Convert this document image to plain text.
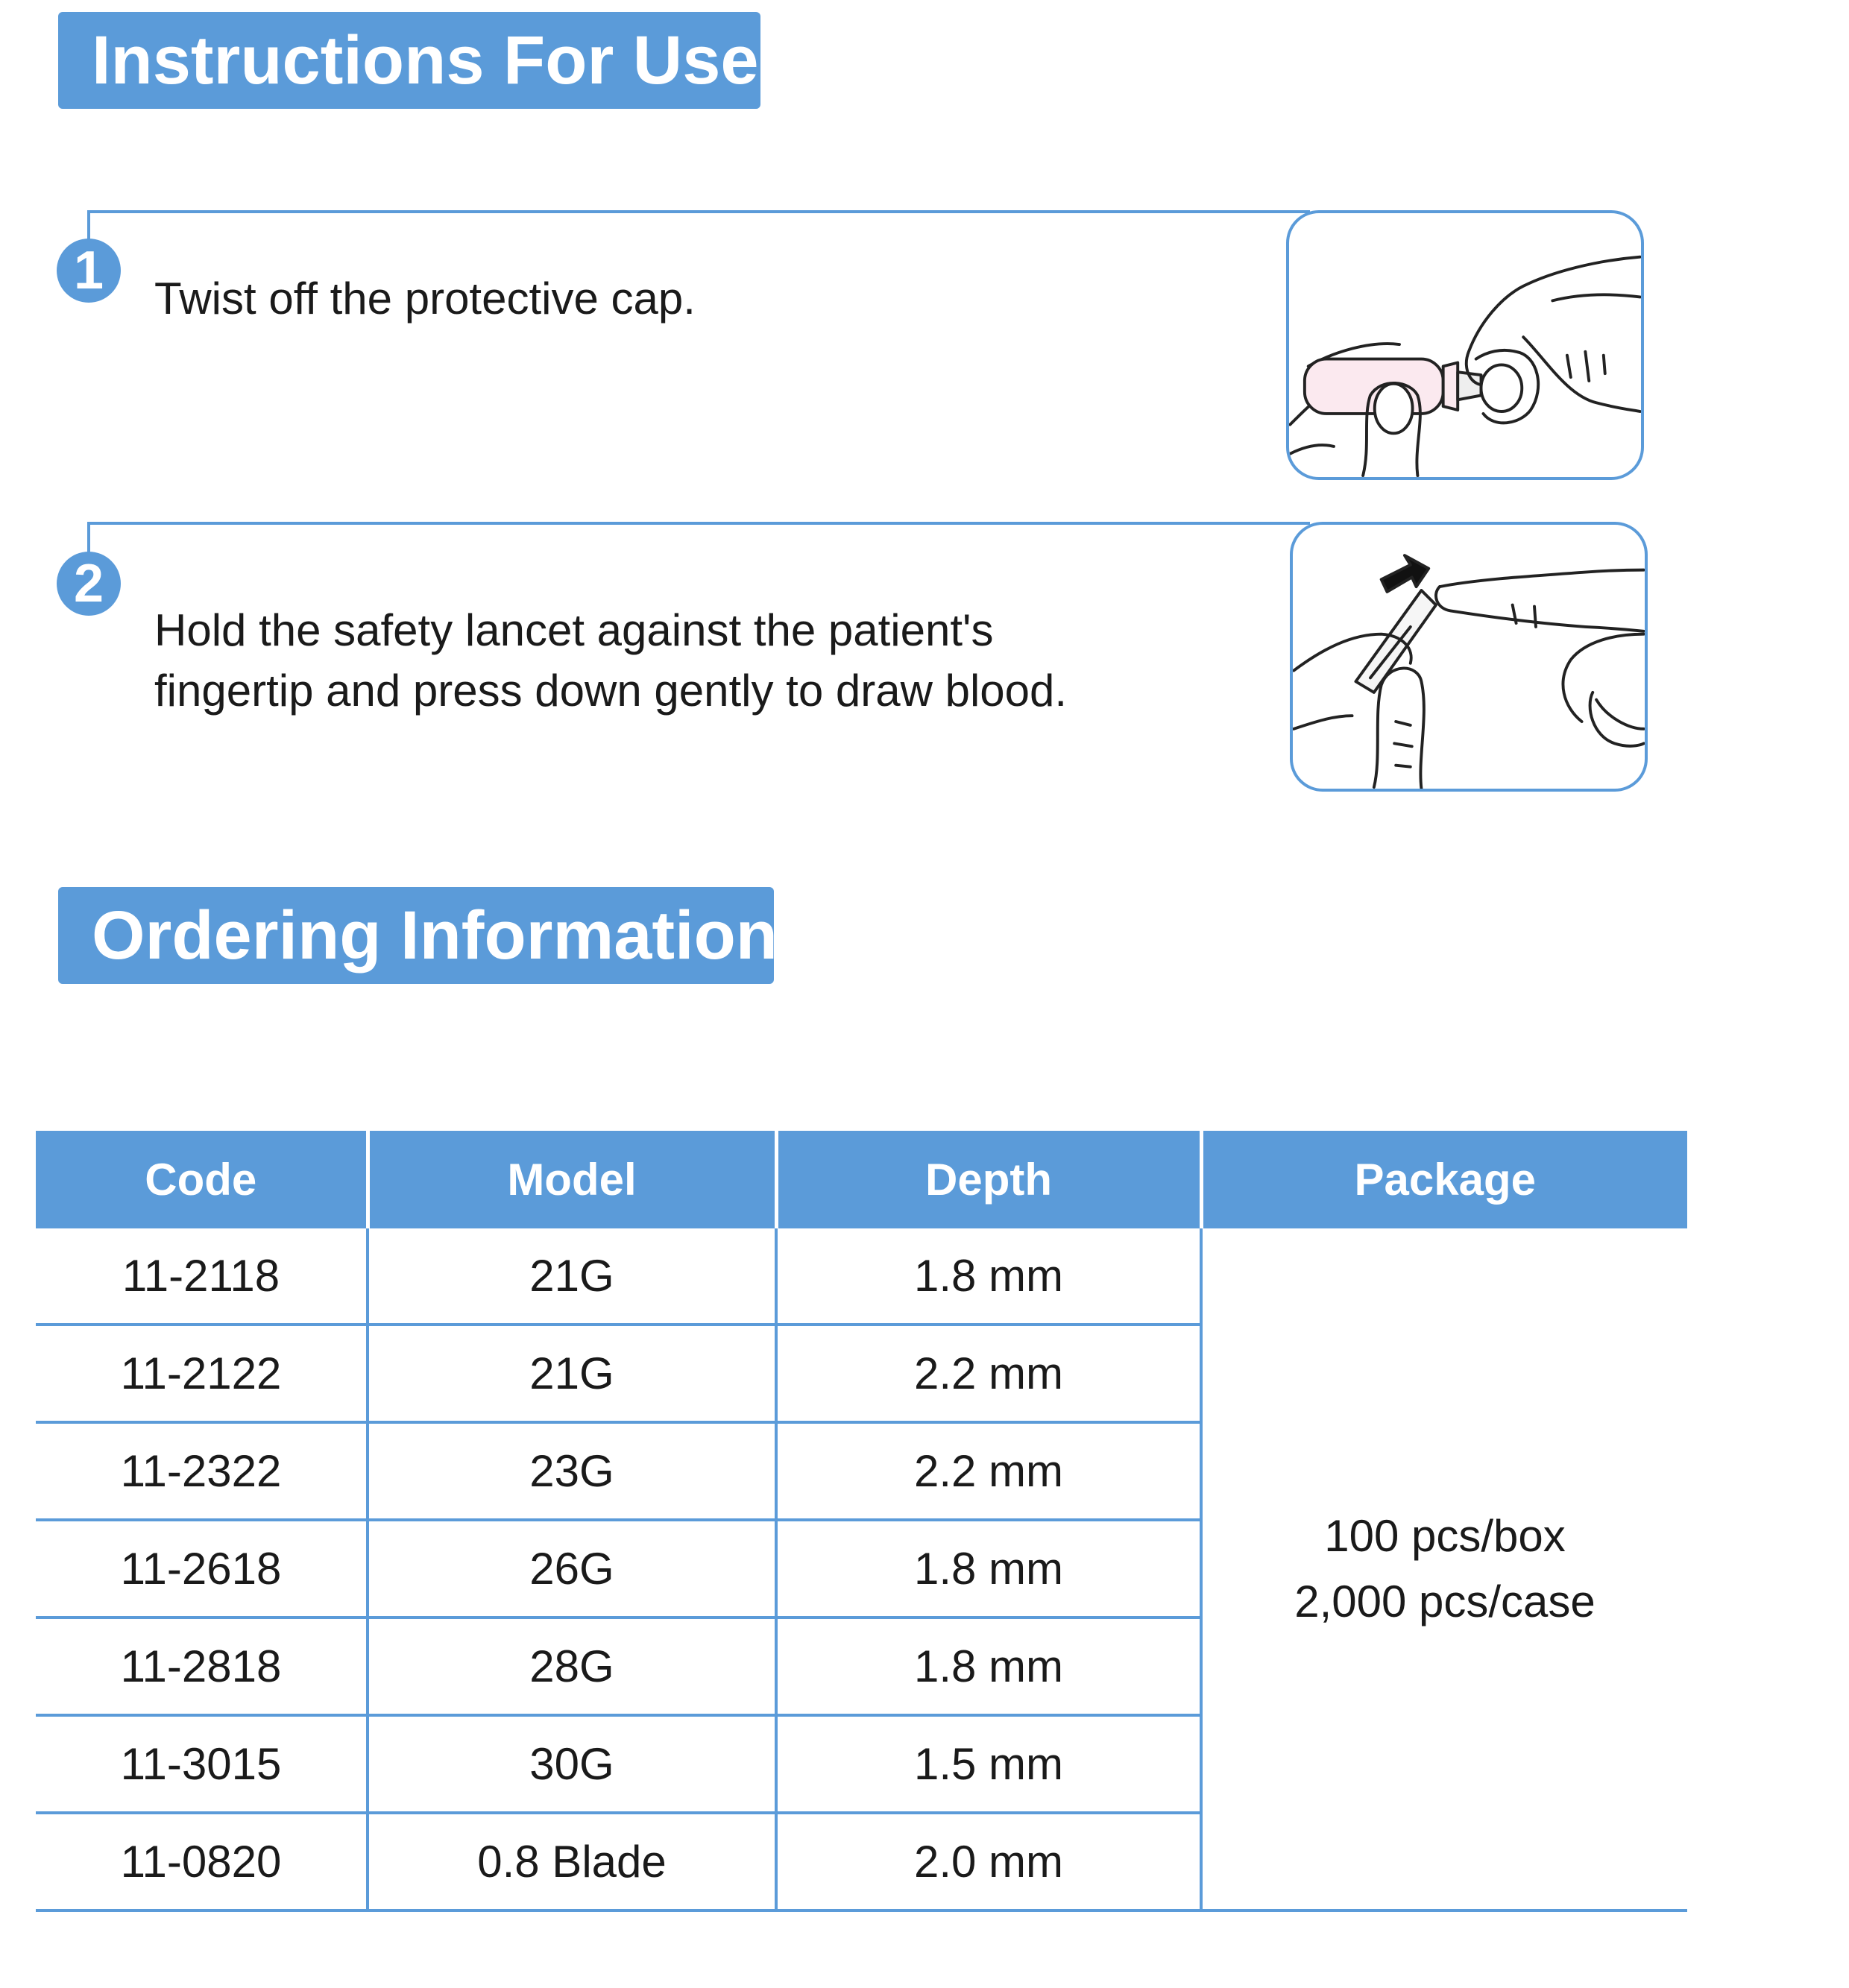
Instructions For Use
1	Twist off the protective cap.
2
Hold the safety lancet against the patient's
fingertip and press down gently to draw blood.
Ordering Information
Code	Model	Depth	Package
11-2118	21G	1.8 mm	100 pcs/box
2,000 pcs/case

11-2122	21G	2.2 mm	
11-2322	23G	2.2 mm	
11-2618	26G	1.8 mm	
11-2818	28G	1.8 mm	
11-3015	30G	1.5 mm	
11-0820	0.8 Blade	2.0 mm	
